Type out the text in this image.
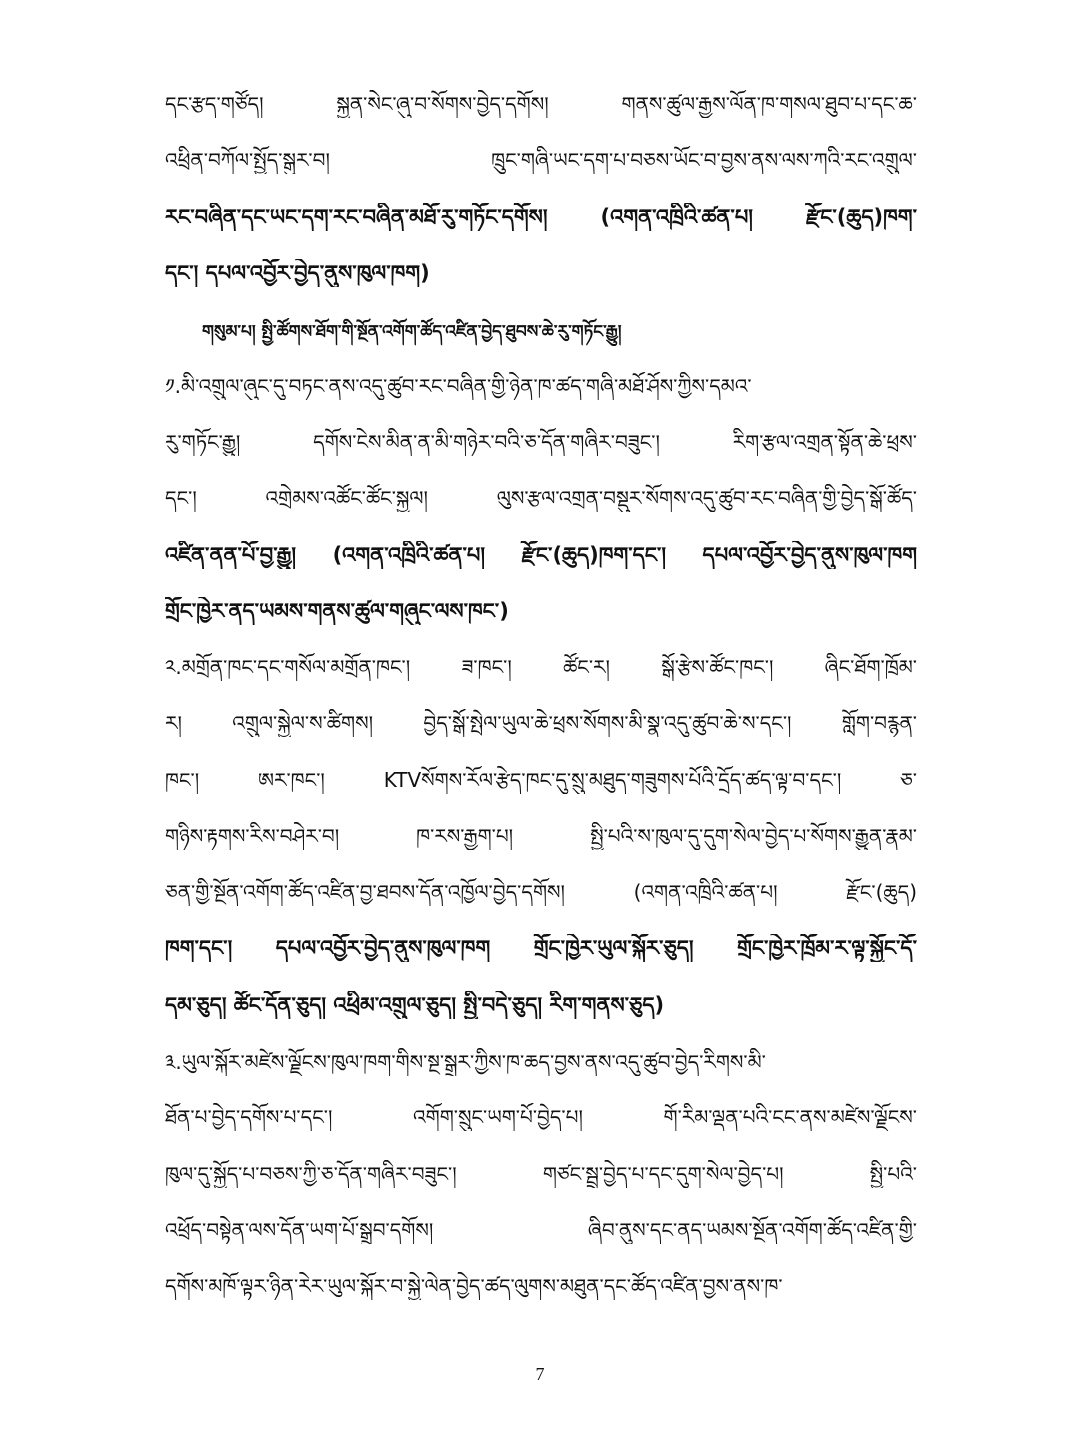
དང་རྩད་གཙོད། སྐྱན་སེང་ཞུ་བ་སོགས་བྱེད་དགོས། གནས་ཚུལ་རྒྱས་ལོན་ཁ་གསལ་ཐུབ་པ་དང་ཆ་
འཕྲིན་བཀོལ་སྤྱོད་སྒུར་བ། ཁྲུང་གཞི་ཡང་དག་པ་བཅས་ཡོང་བ་བྱས་ནས་ལས་ཀའི་རང་འགྲུལ་
རང་བཞིན་དང་ཡང་དག་རང་བཞིན་མཐོ་རུ་གཏོང་དགོས། (འགན་འཁྲིའི་ཚན་པ། རྫོང་(ཆུད)ཁག་
དང་། དཔལ་འབྱོར་བྱེད་ནུས་ཁུལ་ཁག)
གསུམ་པ། སྤྱི་ཚོགས་ཐོག་གི་སྔོན་འགོག་ཚོད་འཛིན་བྱེད་ཐུབས་ཆེ་རུ་གཏོང་རྒྱུ།
༡.མི་འགྲུལ་ཞུང་དུ་བཏང་ནས་འདུ་ཚུབ་རང་བཞིན་གྱི་ཉེན་ཁ་ཚད་གཞི་མཐོ་ཤོས་ཀྱིས་དམའ་
རུ་གཏོང་རྒྱུ། དགོས་ངེས་མིན་ན་མི་གཉེར་བའི་ཅ་དོན་གཞིར་བཟུང་། རིག་རྩལ་འགྲན་སྟོན་ཆེ་ཕྲས་
དང་། འགྲེམས་འཚོང་ཚོང་སྐྱལ། ལུས་རྩལ་འགྲན་བསྡུར་སོགས་འདུ་ཚུབ་རང་བཞིན་གྱི་བྱེད་སྒོ་ཚོད་
འཛིན་ནན་པོ་བྱ་རྒྱུ། (འགན་འཁྲིའི་ཚན་པ། རྫོང་(ཆུད)ཁག་དང་། དཔལ་འབྱོར་བྱེད་ནུས་ཁུལ་ཁག
གྲོང་ཁྱེར་ནད་ཡམས་གནས་ཚུལ་གཞུང་ལས་ཁང་)
༢.མགྲོན་ཁང་དང་གསོལ་མགྲོན་ཁང་། ཟ་ཁང་། ཚོང་ར། སྒོ་རྩེས་ཚོང་ཁང་། ཞིང་ཐོག་ཁྲོམ་
ར། འགྲུལ་སྐྱེལ་ས་ཚིགས། བྱེད་སྒོ་སྤེལ་ཡུལ་ཆེ་ཕྲས་སོགས་མི་སྣ་འདུ་ཚུབ་ཆེ་ས་དང་། གློག་བརྙན་
ཁང་། ཨར་ཁང་། KTVསོགས་རོལ་རྩེད་ཁང་དུ་སྲུ་མཐུད་གཟུགས་པོའི་དྲོད་ཚད་ལྟ་བ་དང་། ཅ་
གཉིས་རྟགས་རིས་བཤེར་བ། ཁ་རས་རྒྱག་པ། སྤྱི་པའི་ས་ཁུལ་དུ་དུག་སེལ་བྱེད་པ་སོགས་རྒྱུན་རྣམ་
ཅན་གྱི་སྔོན་འགོག་ཚོད་འཛིན་བྱ་ཐབས་དོན་འཁྱོལ་བྱེད་དགོས། (འགན་འཁྲིའི་ཚན་པ། རྫོང་(ཆུད)
ཁག་དང་། དཔལ་འབྱོར་བྱེད་ནུས་ཁུལ་ཁག གྲོང་ཁྱེར་ཡུལ་སྐོར་ཅུད། གྲོང་ཁྱེར་ཁྲོམ་ར་ལྟ་སྐྱོང་དོ་
དམ་ཅུད། ཚོང་དོན་ཅུད། འཕྲིམ་འགྲུལ་ཅུད། སྤྱི་བདེ་ཅུད། རིག་གནས་ཅུད)
༣.ཡུལ་སྐོར་མཛེས་ལྗོངས་ཁུལ་ཁག་གིས་སྔ་སྒྲར་ཀྱིས་ཁ་ཆད་བྱས་ནས་འདུ་ཚུབ་བྱེད་རིགས་མི་
ཐོན་པ་བྱེད་དགོས་པ་དང་། འགོག་སྲུང་ཡག་པོ་བྱེད་པ། གོ་རིམ་ལྡན་པའི་ངང་ནས་མཛེས་ལྗོངས་
ཁུལ་དུ་སྐྱོད་པ་བཅས་ཀྱི་ཅ་དོན་གཞིར་བཟུང་། གཙང་སྦྲ་བྱེད་པ་དང་དུག་སེལ་བྱེད་པ། སྤྱི་པའི་
འཕྲོད་བསྟེན་ལས་དོན་ཡག་པོ་སྒྲུབ་དགོས། ཞིབ་ནུས་དང་ནད་ཡམས་སྔོན་འགོག་ཚོད་འཛིན་གྱི་
དགོས་མཁོ་ལྟར་ཉིན་རེར་ཡུལ་སྐོར་བ་སྐྱེ་ལེན་བྱེད་ཚད་ལུགས་མཐུན་དང་ཚོད་འཛིན་བྱས་ནས་ཁ་
7
